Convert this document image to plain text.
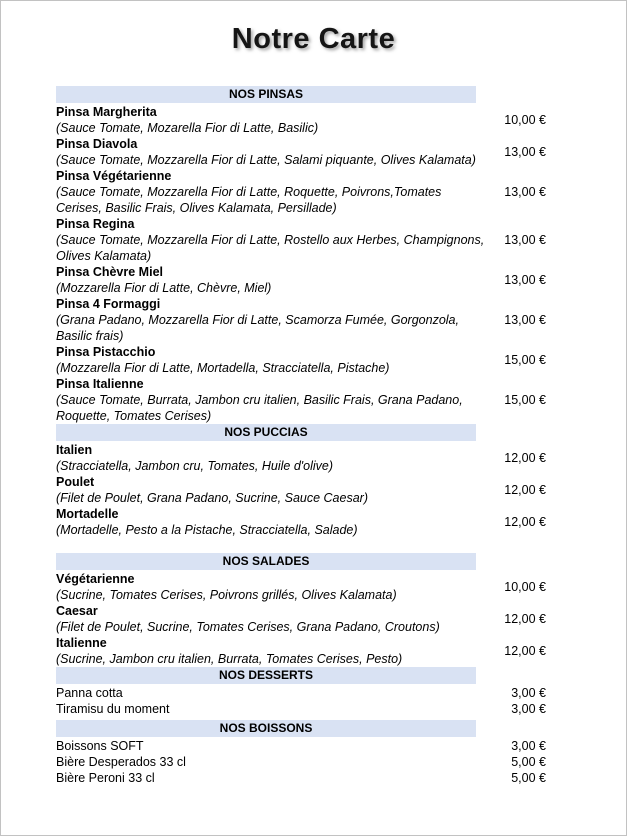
Notre Carte
NOS PINSAS
Pinsa Margherita
(Sauce Tomate, Mozarella Fior di Latte, Basilic)
10,00 €
Pinsa Diavola
(Sauce Tomate, Mozzarella Fior di Latte, Salami piquante, Olives Kalamata)
13,00 €
Pinsa Végétarienne
(Sauce Tomate, Mozzarella Fior di Latte, Roquette, Poivrons,Tomates Cerises, Basilic Frais, Olives Kalamata, Persillade)
13,00 €
Pinsa Regina
(Sauce Tomate, Mozzarella Fior di Latte, Rostello aux Herbes, Champignons, Olives Kalamata)
13,00 €
Pinsa Chèvre Miel
(Mozzarella Fior di Latte, Chèvre, Miel)
13,00 €
Pinsa 4 Formaggi
(Grana Padano, Mozzarella Fior di Latte, Scamorza Fumée, Gorgonzola, Basilic frais)
13,00 €
Pinsa Pistacchio
(Mozzarella Fior di Latte, Mortadella, Stracciatella, Pistache)
15,00 €
Pinsa Italienne
(Sauce Tomate, Burrata, Jambon cru italien, Basilic Frais, Grana Padano, Roquette, Tomates Cerises)
15,00 €
NOS PUCCIAS
Italien
(Stracciatella, Jambon cru, Tomates, Huile d'olive)
12,00 €
Poulet
(Filet de Poulet, Grana Padano, Sucrine, Sauce Caesar)
12,00 €
Mortadelle
(Mortadelle, Pesto a la Pistache, Stracciatella, Salade)
12,00 €
NOS SALADES
Végétarienne
(Sucrine, Tomates Cerises, Poivrons grillés, Olives Kalamata)
10,00 €
Caesar
(Filet de Poulet, Sucrine, Tomates Cerises, Grana Padano, Croutons)
12,00 €
Italienne
(Sucrine, Jambon cru italien, Burrata, Tomates Cerises, Pesto)
12,00 €
NOS DESSERTS
Panna cotta	3,00 €
Tiramisu du moment	3,00 €
NOS BOISSONS
Boissons SOFT	3,00 €
Bière Desperados 33 cl	5,00 €
Bière Peroni 33 cl	5,00 €
